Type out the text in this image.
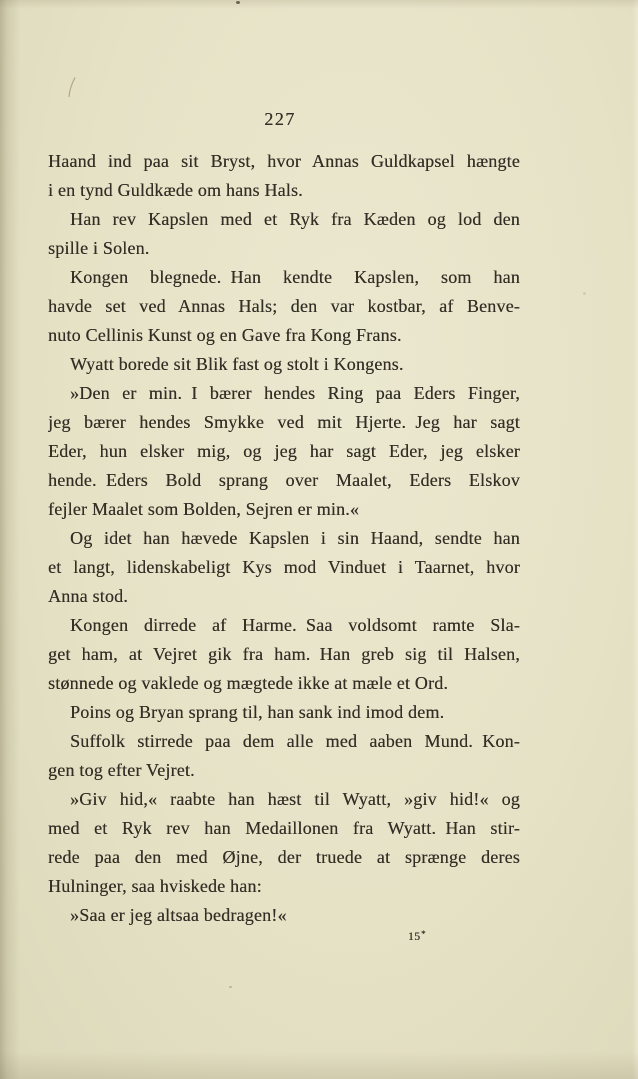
227
Haand ind paa sit Bryst, hvor Annas Guldkapsel hængte
i en tynd Guldkæde om hans Hals.
Han rev Kapslen med et Ryk fra Kæden og lod den
spille i Solen.
Kongen blegnede. Han kendte Kapslen, som han
havde set ved Annas Hals; den var kostbar, af Benve-
nuto Cellinis Kunst og en Gave fra Kong Frans.
Wyatt borede sit Blik fast og stolt i Kongens.
»Den er min. I bærer hendes Ring paa Eders Finger,
jeg bærer hendes Smykke ved mit Hjerte. Jeg har sagt
Eder, hun elsker mig, og jeg har sagt Eder, jeg elsker
hende. Eders Bold sprang over Maalet, Eders Elskov
fejler Maalet som Bolden, Sejren er min.«
Og idet han hævede Kapslen i sin Haand, sendte han
et langt, lidenskabeligt Kys mod Vinduet i Taarnet, hvor
Anna stod.
Kongen dirrede af Harme. Saa voldsomt ramte Sla-
get ham, at Vejret gik fra ham. Han greb sig til Halsen,
stønnede og vaklede og mægtede ikke at mæle et Ord.
Poins og Bryan sprang til, han sank ind imod dem.
Suffolk stirrede paa dem alle med aaben Mund. Kon-
gen tog efter Vejret.
»Giv hid,« raabte han hæst til Wyatt, »giv hid!« og
med et Ryk rev han Medaillonen fra Wyatt. Han stir-
rede paa den med Øjne, der truede at sprænge deres
Hulninger, saa hviskede han:
»Saa er jeg altsaa bedragen!«
15*
